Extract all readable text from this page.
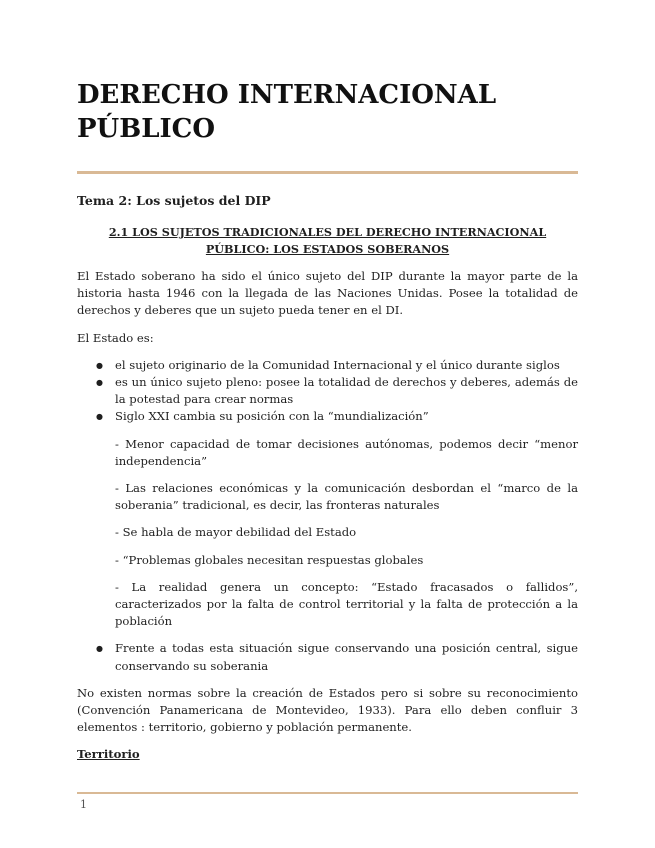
DERECHO INTERNACIONAL
PÚBLICO
Tema 2: Los sujetos del DIP
2.1 LOS SUJETOS TRADICIONALES DEL DERECHO INTERNACIONAL PÚBLICO: LOS ESTADOS SOBERANOS

El Estado soberano ha sido el único sujeto del DIP durante la mayor parte de la historia hasta 1946 con la llegada de las Naciones Unidas. Posee la totalidad de derechos y deberes que un sujeto pueda tener en el DI.

El Estado es:

● el sujeto originario de la Comunidad Internacional y el único durante siglos
● es un único sujeto pleno: posee la totalidad de derechos y deberes, además de la potestad para crear normas
● Siglo XXI cambia su posición con la “mundialización”

- Menor capacidad de tomar decisiones autónomas, podemos decir “menor independencia”

- Las relaciones económicas y la comunicación desbordan el “marco de la soberania” tradicional, es decir, las fronteras naturales

- Se habla de mayor debilidad del Estado

- “Problemas globales necesitan respuestas globales

- La realidad genera un concepto: “Estado fracasados o fallidos”, caracterizados por la falta de control territorial y la falta de protección a la población

● Frente a todas esta situación sigue conservando una posición central, sigue conservando su soberania

No existen normas sobre la creación de Estados pero si sobre su reconocimiento (Convención Panamericana de Montevideo, 1933). Para ello deben confluir 3 elementos : territorio, gobierno y población permanente.

Territorio

1
